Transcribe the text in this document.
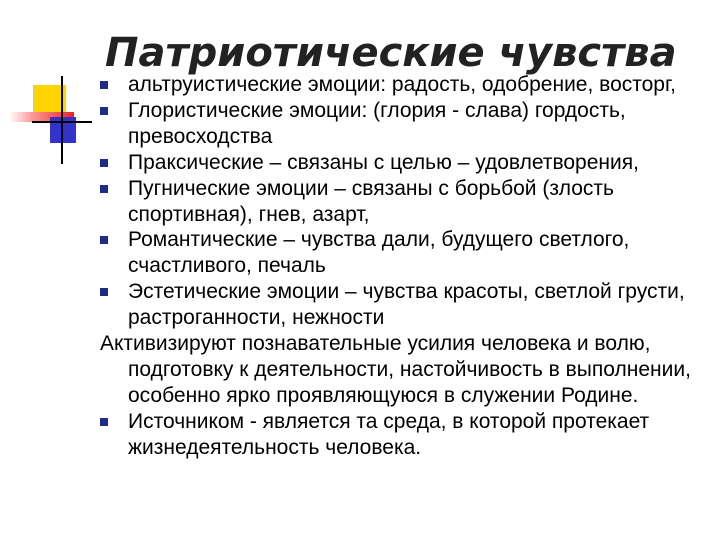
Патриотические чувства
альтруистические эмоции: радость, одобрение, восторг,
Глористические эмоции: (глория - слава) гордость, превосходства
Праксические – связаны с целью – удовлетворения,
Пугнические эмоции – связаны с борьбой (злость спортивная), гнев, азарт,
Романтические – чувства дали, будущего светлого, счастливого, печаль
Эстетические эмоции – чувства красоты, светлой грусти, растроганности, нежности
Активизируют познавательные усилия человека и волю, подготовку к деятельности, настойчивость в выполнении, особенно ярко проявляющуюся в служении Родине.
Источником - является та среда, в которой протекает жизнедеятельность человека.
